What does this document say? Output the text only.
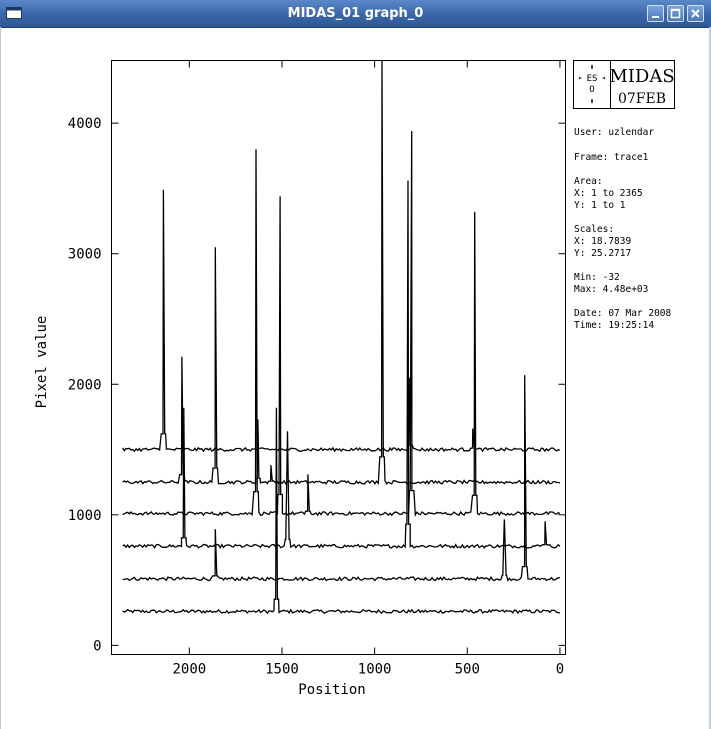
MIDAS_01 graph_0
2000	1500	1000	500	0
0
1000
2000
3000
4000
Position
Pixel value
ES
O
MIDAS
07FEB
User: uzlendar
Frame: trace1
Area:
X: 1 to 2365
Y: 1 to 1
Scales:
X: 18.7839
Y: 25.2717
Min: -32
Max: 4.48e+03
Date: 07 Mar 2008
Time: 19:25:14
